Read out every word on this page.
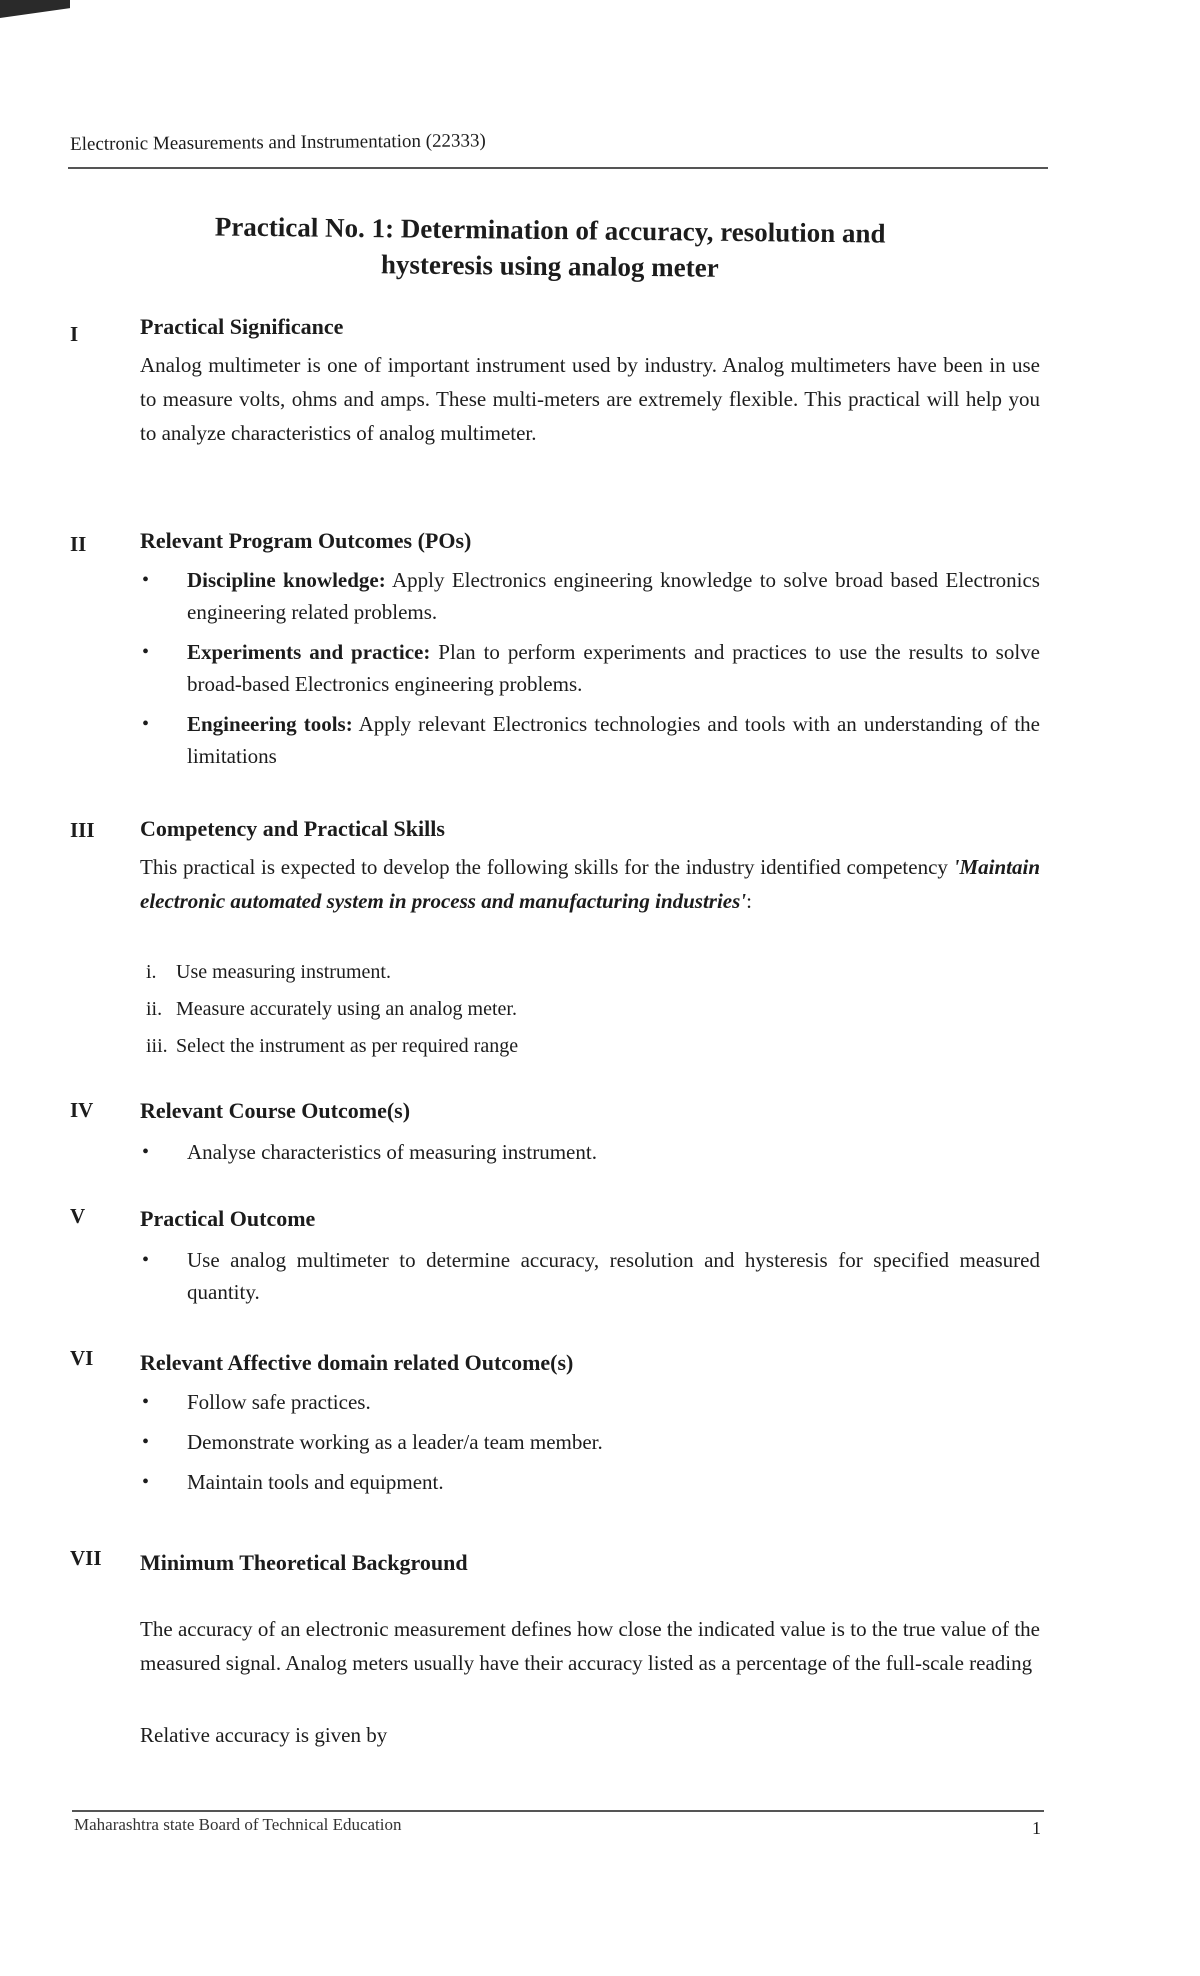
Electronic Measurements and Instrumentation (22333)
Practical No. 1: Determination of accuracy, resolution and
hysteresis using analog meter
I	Practical Significance
Analog multimeter is one of important instrument used by industry. Analog multimeters have been in use to measure volts, ohms and amps. These multi-meters are extremely flexible. This practical will help you to analyze characteristics of analog multimeter.
II Relevant Program Outcomes (POs)
• Discipline knowledge: Apply Electronics engineering knowledge to solve broad based Electronics engineering related problems.
• Experiments and practice: Plan to perform experiments and practices to use the results to solve broad-based Electronics engineering problems.
• Engineering tools: Apply relevant Electronics technologies and tools with an understanding of the limitations
III Competency and Practical Skills
This practical is expected to develop the following skills for the industry identified competency 'Maintain electronic automated system in process and manufacturing industries':
i. Use measuring instrument.
ii. Measure accurately using an analog meter.
iii. Select the instrument as per required range
IV Relevant Course Outcome(s)
• Analyse characteristics of measuring instrument.
V Practical Outcome
• Use analog multimeter to determine accuracy, resolution and hysteresis for specified measured quantity.
VI Relevant Affective domain related Outcome(s)
• Follow safe practices.
• Demonstrate working as a leader/a team member.
• Maintain tools and equipment.
VII Minimum Theoretical Background
The accuracy of an electronic measurement defines how close the indicated value is to the true value of the measured signal. Analog meters usually have their accuracy listed as a percentage of the full-scale reading
Relative accuracy is given by
Maharashtra state Board of Technical Education	1
